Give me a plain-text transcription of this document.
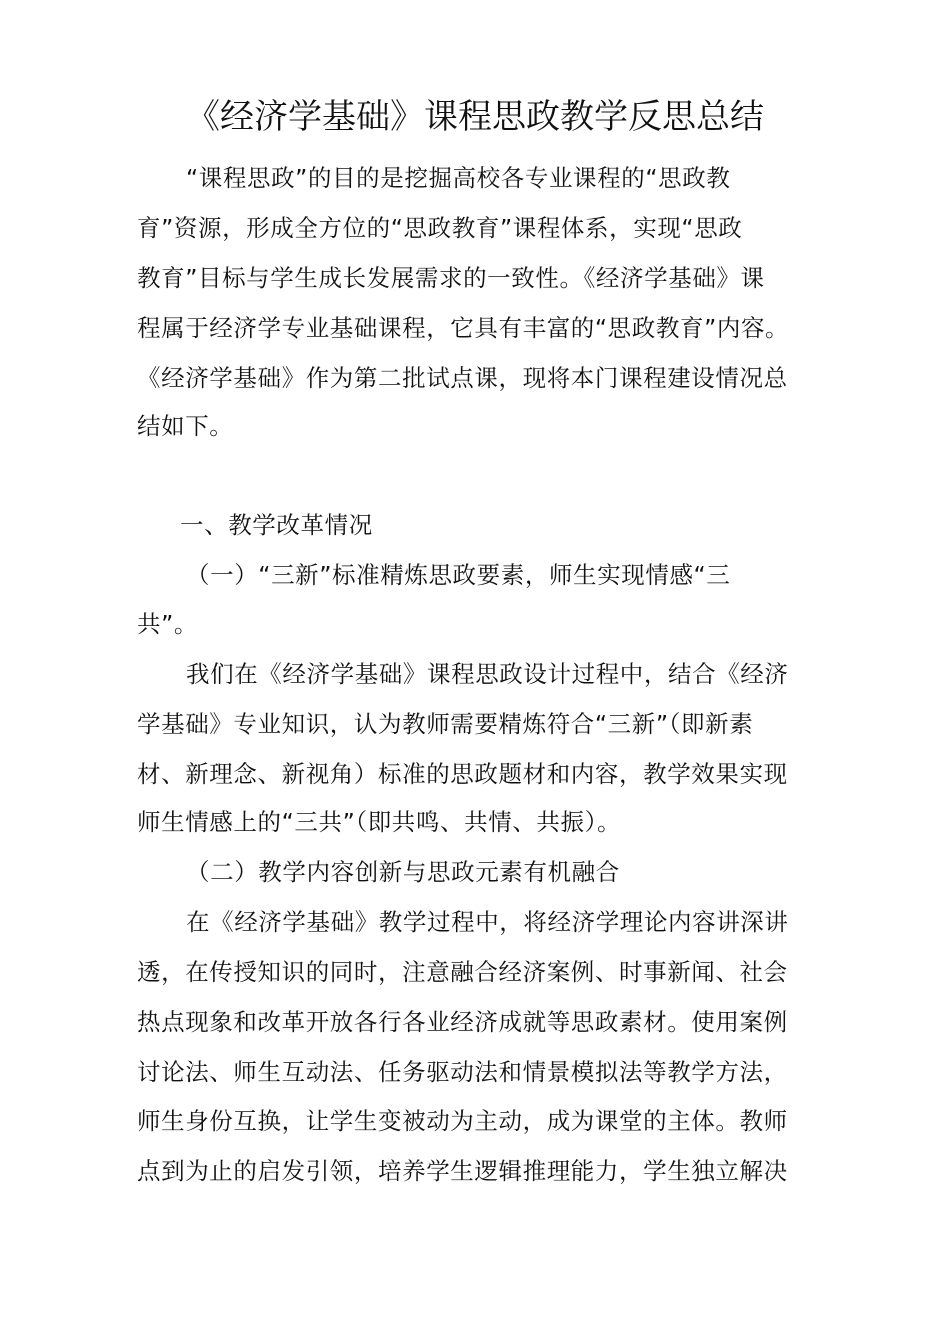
《经济学基础》课程思政教学反思总结
“课程思政”的目的是挖掘高校各专业课程的“思政教
育”资源，形成全方位的“思政教育”课程体系，实现“思政
教育”目标与学生成长发展需求的一致性。《经济学基础》课
程属于经济学专业基础课程，它具有丰富的“思政教育”内容。
《经济学基础》作为第二批试点课，现将本门课程建设情况总
结如下。
一、教学改革情况
（一）“三新”标准精炼思政要素，师生实现情感“三
共”。
我们在《经济学基础》课程思政设计过程中，结合《经济
学基础》专业知识，认为教师需要精炼符合“三新”（即新素
材、新理念、新视角）标准的思政题材和内容，教学效果实现
师生情感上的“三共”（即共鸣、共情、共振）。
（二）教学内容创新与思政元素有机融合
在《经济学基础》教学过程中，将经济学理论内容讲深讲
透，在传授知识的同时，注意融合经济案例、时事新闻、社会
热点现象和改革开放各行各业经济成就等思政素材。使用案例
讨论法、师生互动法、任务驱动法和情景模拟法等教学方法，
师生身份互换，让学生变被动为主动，成为课堂的主体。教师
点到为止的启发引领，培养学生逻辑推理能力，学生独立解决
